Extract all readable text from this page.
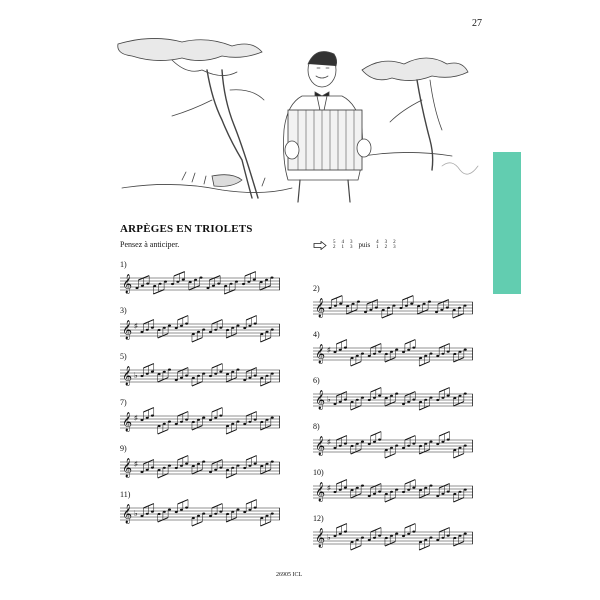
27
ARPÈGES EN TRIOLETS
Pensez à anticiper.	5
2
4
1
3
3 puis 4
1
3
2
2
3
1)
𝄞
3)
𝄞 ♯
5)
𝄞 ♭
7)
𝄞 ♯
9)
𝄞 ♯
11)
𝄞 ♭
2)
𝄞
4)
𝄞 ♯
6)
𝄞 ♭
8)
𝄞 ♯
10)
𝄞 ♯
12)
𝄞 ♭
26905 ICL
